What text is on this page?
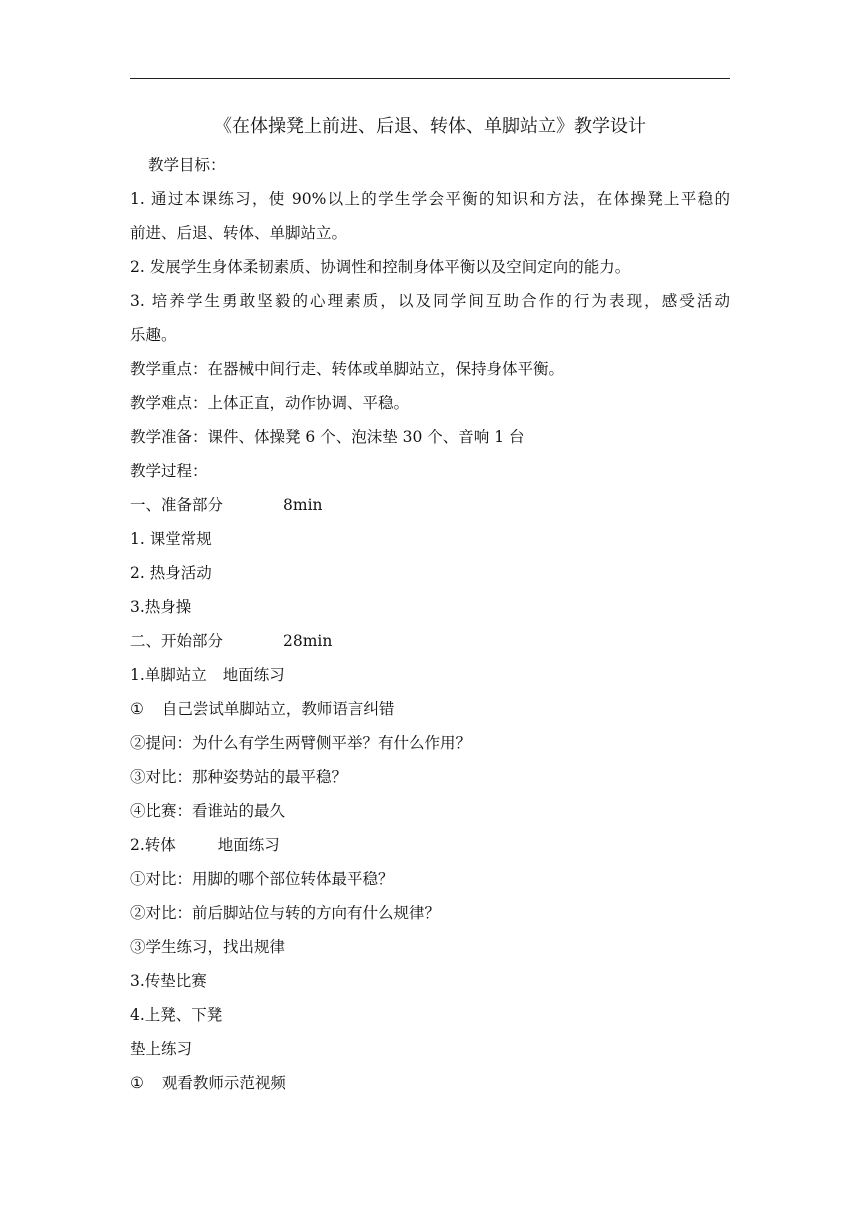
《在体操凳上前进、后退、转体、单脚站立》教学设计
教学目标：
1. 通过本课练习，使 90%以上的学生学会平衡的知识和方法，在体操凳上平稳的
前进、后退、转体、单脚站立。
2. 发展学生身体柔韧素质、协调性和控制身体平衡以及空间定向的能力。
3. 培养学生勇敢坚毅的心理素质，以及同学间互助合作的行为表现，感受活动
乐趣。
教学重点：在器械中间行走、转体或单脚站立，保持身体平衡。
教学难点：上体正直，动作协调、平稳。
教学准备：课件、体操凳 6 个、泡沫垫 30 个、音响 1 台
教学过程：
一、准备部分	8min
1. 课堂常规
2. 热身活动
3.热身操
二、开始部分	28min
1.单脚站立 地面练习
① 自己尝试单脚站立，教师语言纠错
②提问：为什么有学生两臂侧平举？有什么作用？
③对比：那种姿势站的最平稳？
④比赛：看谁站的最久
2.转体	地面练习
①对比：用脚的哪个部位转体最平稳？
②对比：前后脚站位与转的方向有什么规律？
③学生练习，找出规律
3.传垫比赛
4.上凳、下凳
垫上练习
① 观看教师示范视频
